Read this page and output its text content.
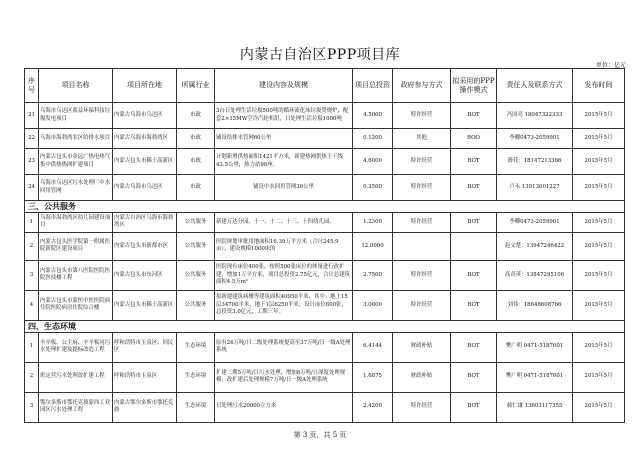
内蒙古自治区PPP项目库
单位：亿元
序号	项目名称	项目所在地	所属行业	建设内容及规模	项目总投资	政府参与方式	拟采用的PPP操作模式	责任人及联系方式	发布时间
21	乌海市乌达区蓝益环保科技垃圾发电项目	内蒙古乌海市乌达区	市政	3台日处理生活垃圾500吨的循环流化床垃圾焚烧炉，配套2×15MW空冷汽轮机组，日处理生活垃圾1000吨	4.5000	特许经营	BOT	冯国亮 18047322333	2015年5月
22	乌海市海勃湾农区给排水项目	内蒙古乌海市海勃湾区	市政	铺设给排水管网60公里	0.1200	其他	BOO	李卿0473-2059901	2015年5月
23	内蒙古包头市金远广热电热气集中供热热网扩建项目	内蒙古包头市稀土高新区	市政	计划新增供热面积1421平方米，新建热网供热主干线43.5公里，热力站98座。	4.6000	特许经营	BOT	薄佳：18147213366	2015年5月
24	乌海市乌达区污水处理厂中水回用管网	内蒙古乌海市乌达区	市政	铺设中水回用管网30公里	0.3500	特许经营	BOT	卢永 13913001227	2015年5月
三、公共服务									
1	乌海市海勃湾区幼儿园建设项目	内蒙古自治区乌海市海勃湾区	公共服务	新建万达分园、十一、十二、十三、十四幼儿园。	1.2300	特许经营	BOT	李卿0473-2059901	2015年5月
2	内蒙古包头医学院第一附属医院新院区建设项目	内蒙古包头市新都市区	公共服务	医院规划审批用地面积16.39万平方米（合计245.9亩），建设规模1000床的	12.0000			赵文楚：13947246422	2015年5月
3	内蒙古包头市第八医院医院医院医技楼工程	内蒙古包头市东河区	公共服务	医院现有床位400张，按照500张床位的体量进行改扩建，增加1万平方米，项目总投资2.75亿元，合计总建筑面积4.5万m²	2.7500	特许经营	BOT	高奇英：13847295106	2015年5月
4	内蒙古包头市蒙医中医医院病住院医院病房住院综合楼	内蒙古包头市稀土高新区	公共服务	拟新建建筑病楼等建筑面积40950平米，其中：地上15层34700平米，地下1层6250平米，设计床位600张，总投资3.0亿元，工期三年。	3.0000	特许经营	BOT	刘伟：18648608766	2015年5月
四、生态环境									
1	辛辛板、公主府、辛辛板河污水处理扩建及提标改造工程	呼和浩特市玉泉区、回民区	生态环境	原有26万吨/日二级处理系统提高至37万吨/日一级A处理系统	6.4144	财政补贴	BOT	樊广明 0471-5187601	2015年5月
2	班定营污水处理改扩建工程	呼和浩特市玉泉区	生态环境	扩建二期5万吨/日污水处理，增加8万吨/日深度处理规模；改扩建后处理规模7万吨/日一级A处理系统	1.6875	财政补贴	BOT	樊广明 0471-5187601	2015年5月
3	鄂尔多斯市鄂托克旗蒙西工业园区污水处理工程	内蒙古鄂尔多斯市鄂托克旗	生态环境	日处理污水20000立方米	2.4200	特许经营	BOT	郝仁谦 13603117355	2015年5月
第 3 页，共 5 页
